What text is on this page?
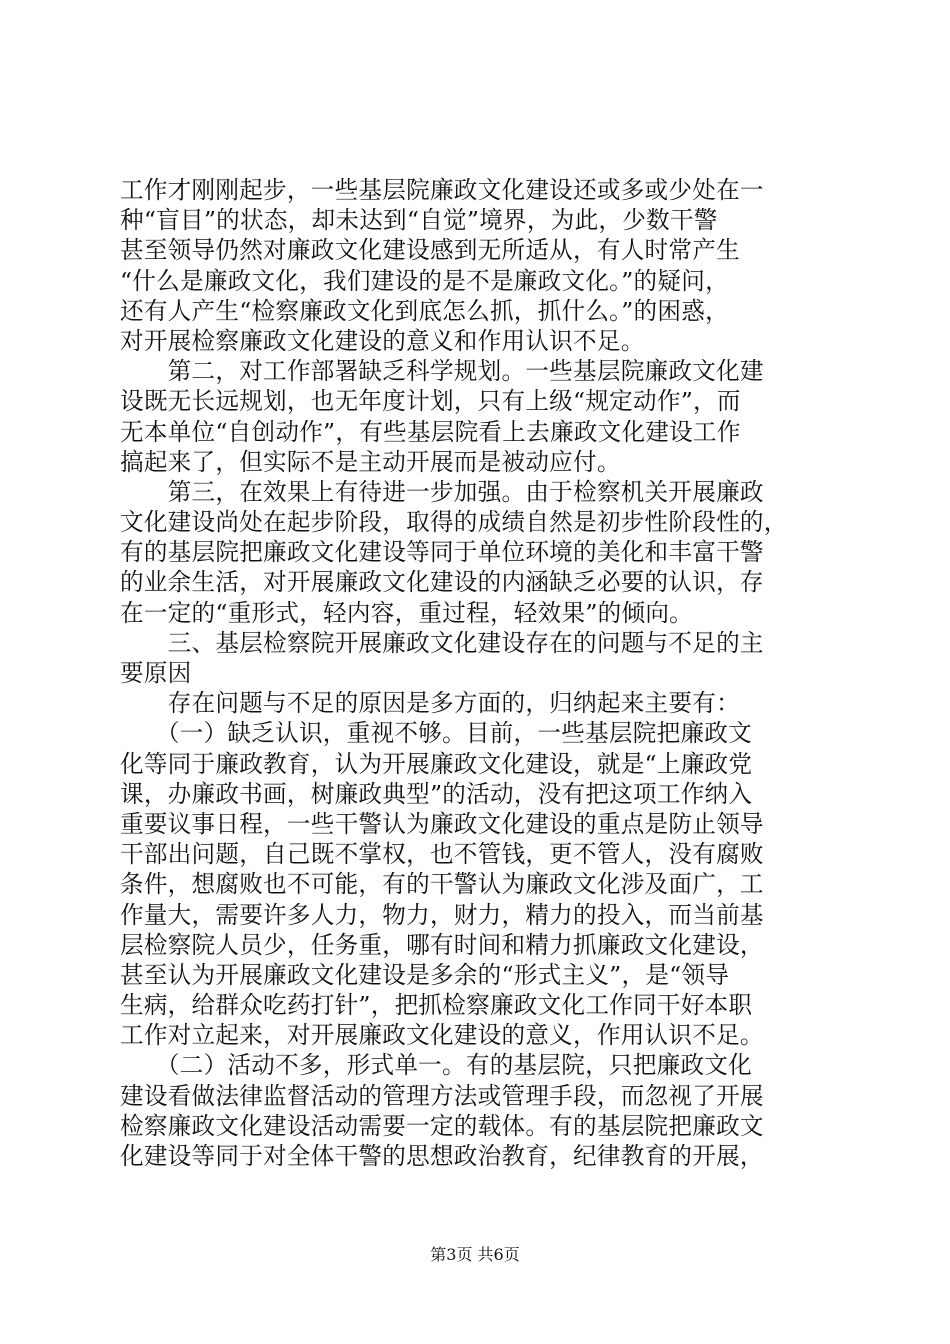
工作才刚刚起步，一些基层院廉政文化建设还或多或少处在一
种“盲目”的状态，却未达到“自觉”境界，为此，少数干警
甚至领导仍然对廉政文化建设感到无所适从，有人时常产生
“什么是廉政文化，我们建设的是不是廉政文化。”的疑问，
还有人产生“检察廉政文化到底怎么抓，抓什么。”的困惑，
对开展检察廉政文化建设的意义和作用认识不足。
　　第二，对工作部署缺乏科学规划。一些基层院廉政文化建
设既无长远规划，也无年度计划，只有上级“规定动作”，而
无本单位“自创动作”，有些基层院看上去廉政文化建设工作
搞起来了，但实际不是主动开展而是被动应付。
　　第三，在效果上有待进一步加强。由于检察机关开展廉政
文化建设尚处在起步阶段，取得的成绩自然是初步性阶段性的，
有的基层院把廉政文化建设等同于单位环境的美化和丰富干警
的业余生活，对开展廉政文化建设的内涵缺乏必要的认识，存
在一定的“重形式，轻内容，重过程，轻效果”的倾向。
　　三、基层检察院开展廉政文化建设存在的问题与不足的主
要原因
　　存在问题与不足的原因是多方面的，归纳起来主要有：
　　（一）缺乏认识，重视不够。目前，一些基层院把廉政文
化等同于廉政教育，认为开展廉政文化建设，就是“上廉政党
课，办廉政书画，树廉政典型”的活动，没有把这项工作纳入
重要议事日程，一些干警认为廉政文化建设的重点是防止领导
干部出问题，自己既不掌权，也不管钱，更不管人，没有腐败
条件，想腐败也不可能，有的干警认为廉政文化涉及面广，工
作量大，需要许多人力，物力，财力，精力的投入，而当前基
层检察院人员少，任务重，哪有时间和精力抓廉政文化建设，
甚至认为开展廉政文化建设是多余的“形式主义”，是“领导
生病，给群众吃药打针”，把抓检察廉政文化工作同干好本职
工作对立起来，对开展廉政文化建设的意义，作用认识不足。
　　（二）活动不多，形式单一。有的基层院，只把廉政文化
建设看做法律监督活动的管理方法或管理手段，而忽视了开展
检察廉政文化建设活动需要一定的载体。有的基层院把廉政文
化建设等同于对全体干警的思想政治教育，纪律教育的开展，
第3页 共6页
